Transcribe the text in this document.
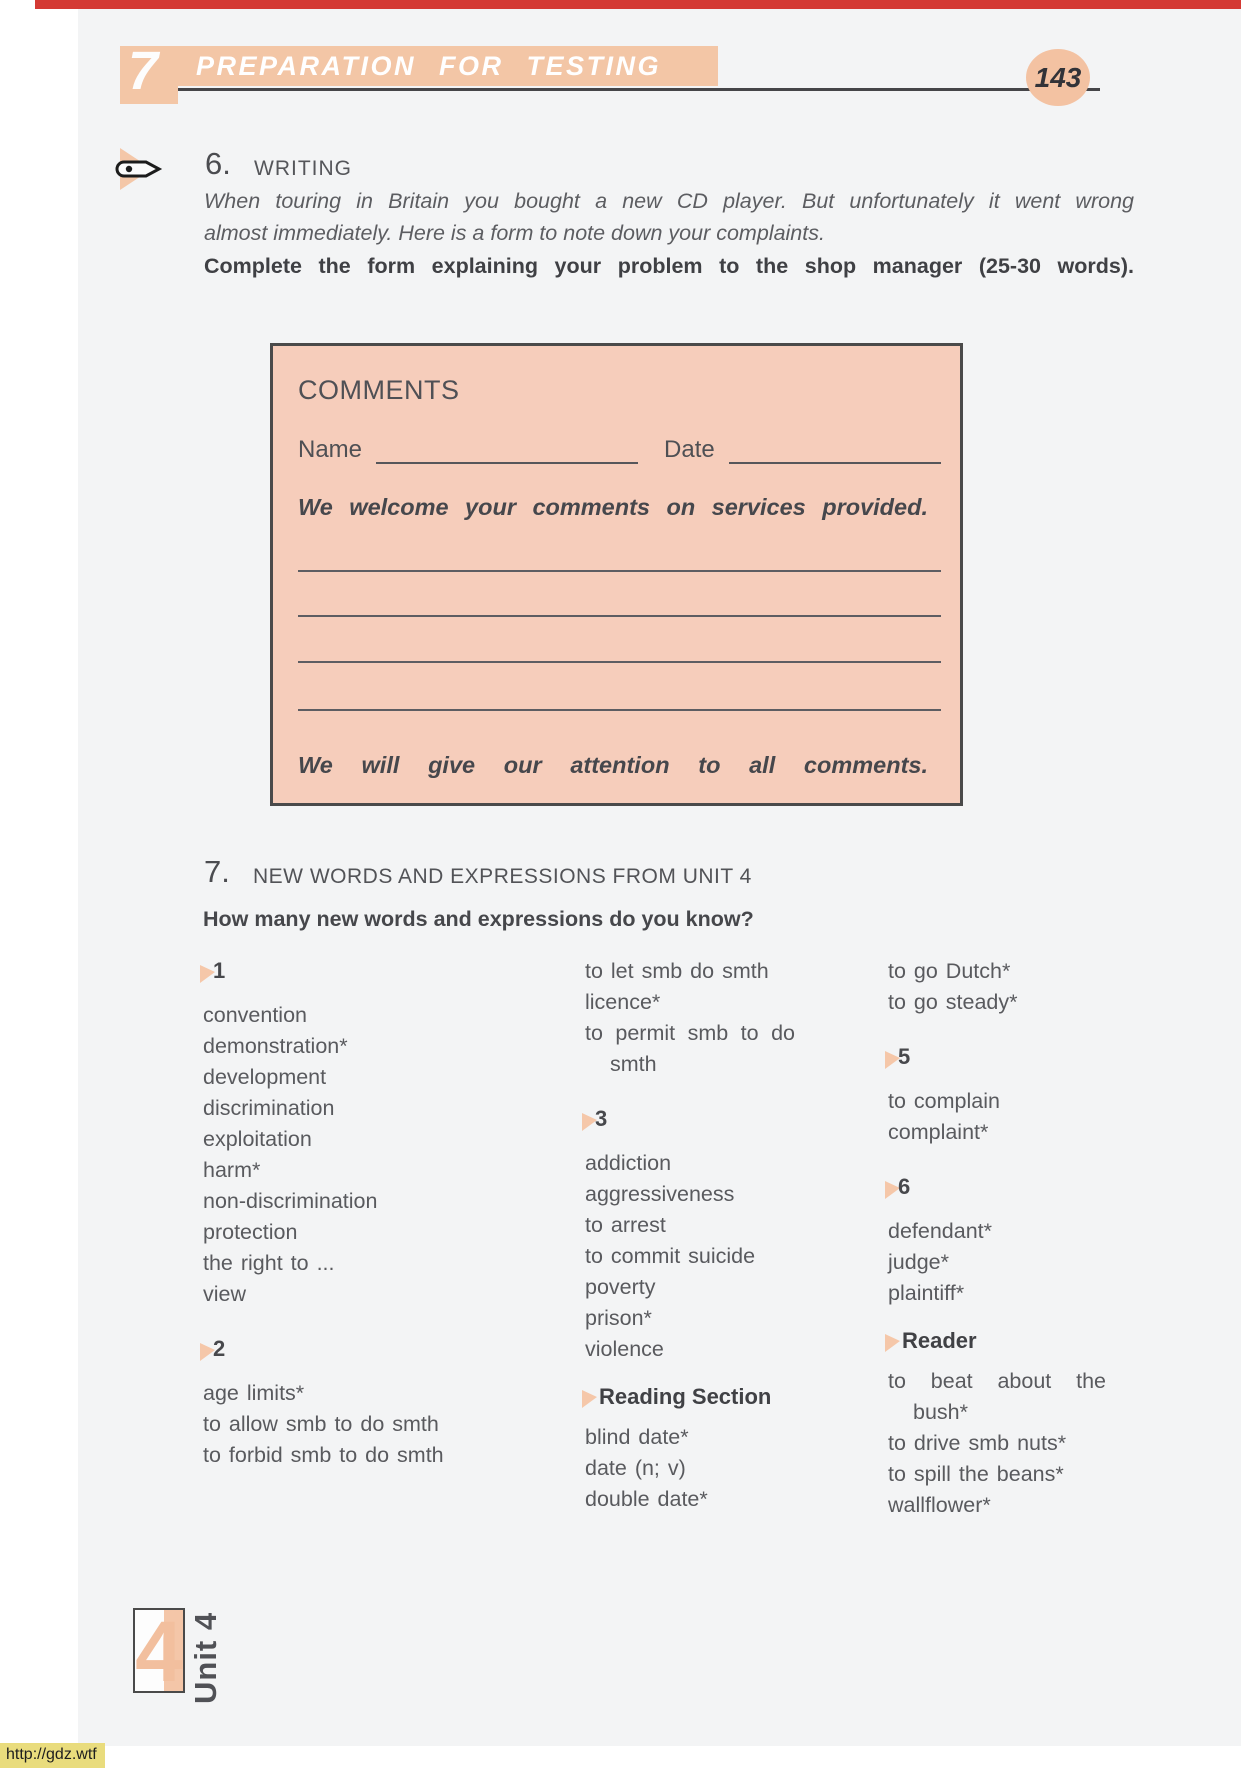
7 PREPARATION FOR TESTING	143
6. WRITING
When touring in Britain you bought a new CD player. But unfortunately it went wrong
almost immediately. Here is a form to note down your complaints.
Complete the form explaining your problem to the shop manager (25-30 words).
COMMENTS
Name	Date
We welcome your comments on services provided.
We will give our attention to all comments.
7. NEW WORDS AND EXPRESSIONS FROM UNIT 4
How many new words and expressions do you know?
1
convention
demonstration*
development
discrimination
exploitation
harm*
non-discrimination
protection
the right to ...
view
2
age limits*
to allow smb to do smth
to forbid smb to do smth
to let smb do smth
licence*
to permit smb to do smth
3
addiction
aggressiveness
to arrest
to commit suicide
poverty
prison*
violence
Reading Section
blind date*
date (n; v)
double date*
to go Dutch*
to go steady*
5
to complain
complaint*
6
defendant*
judge*
plaintiff*
Reader
to beat about the bush*
to drive smb nuts*
to spill the beans*
wallflower*
4 Unit 4
http://gdz.wtf
